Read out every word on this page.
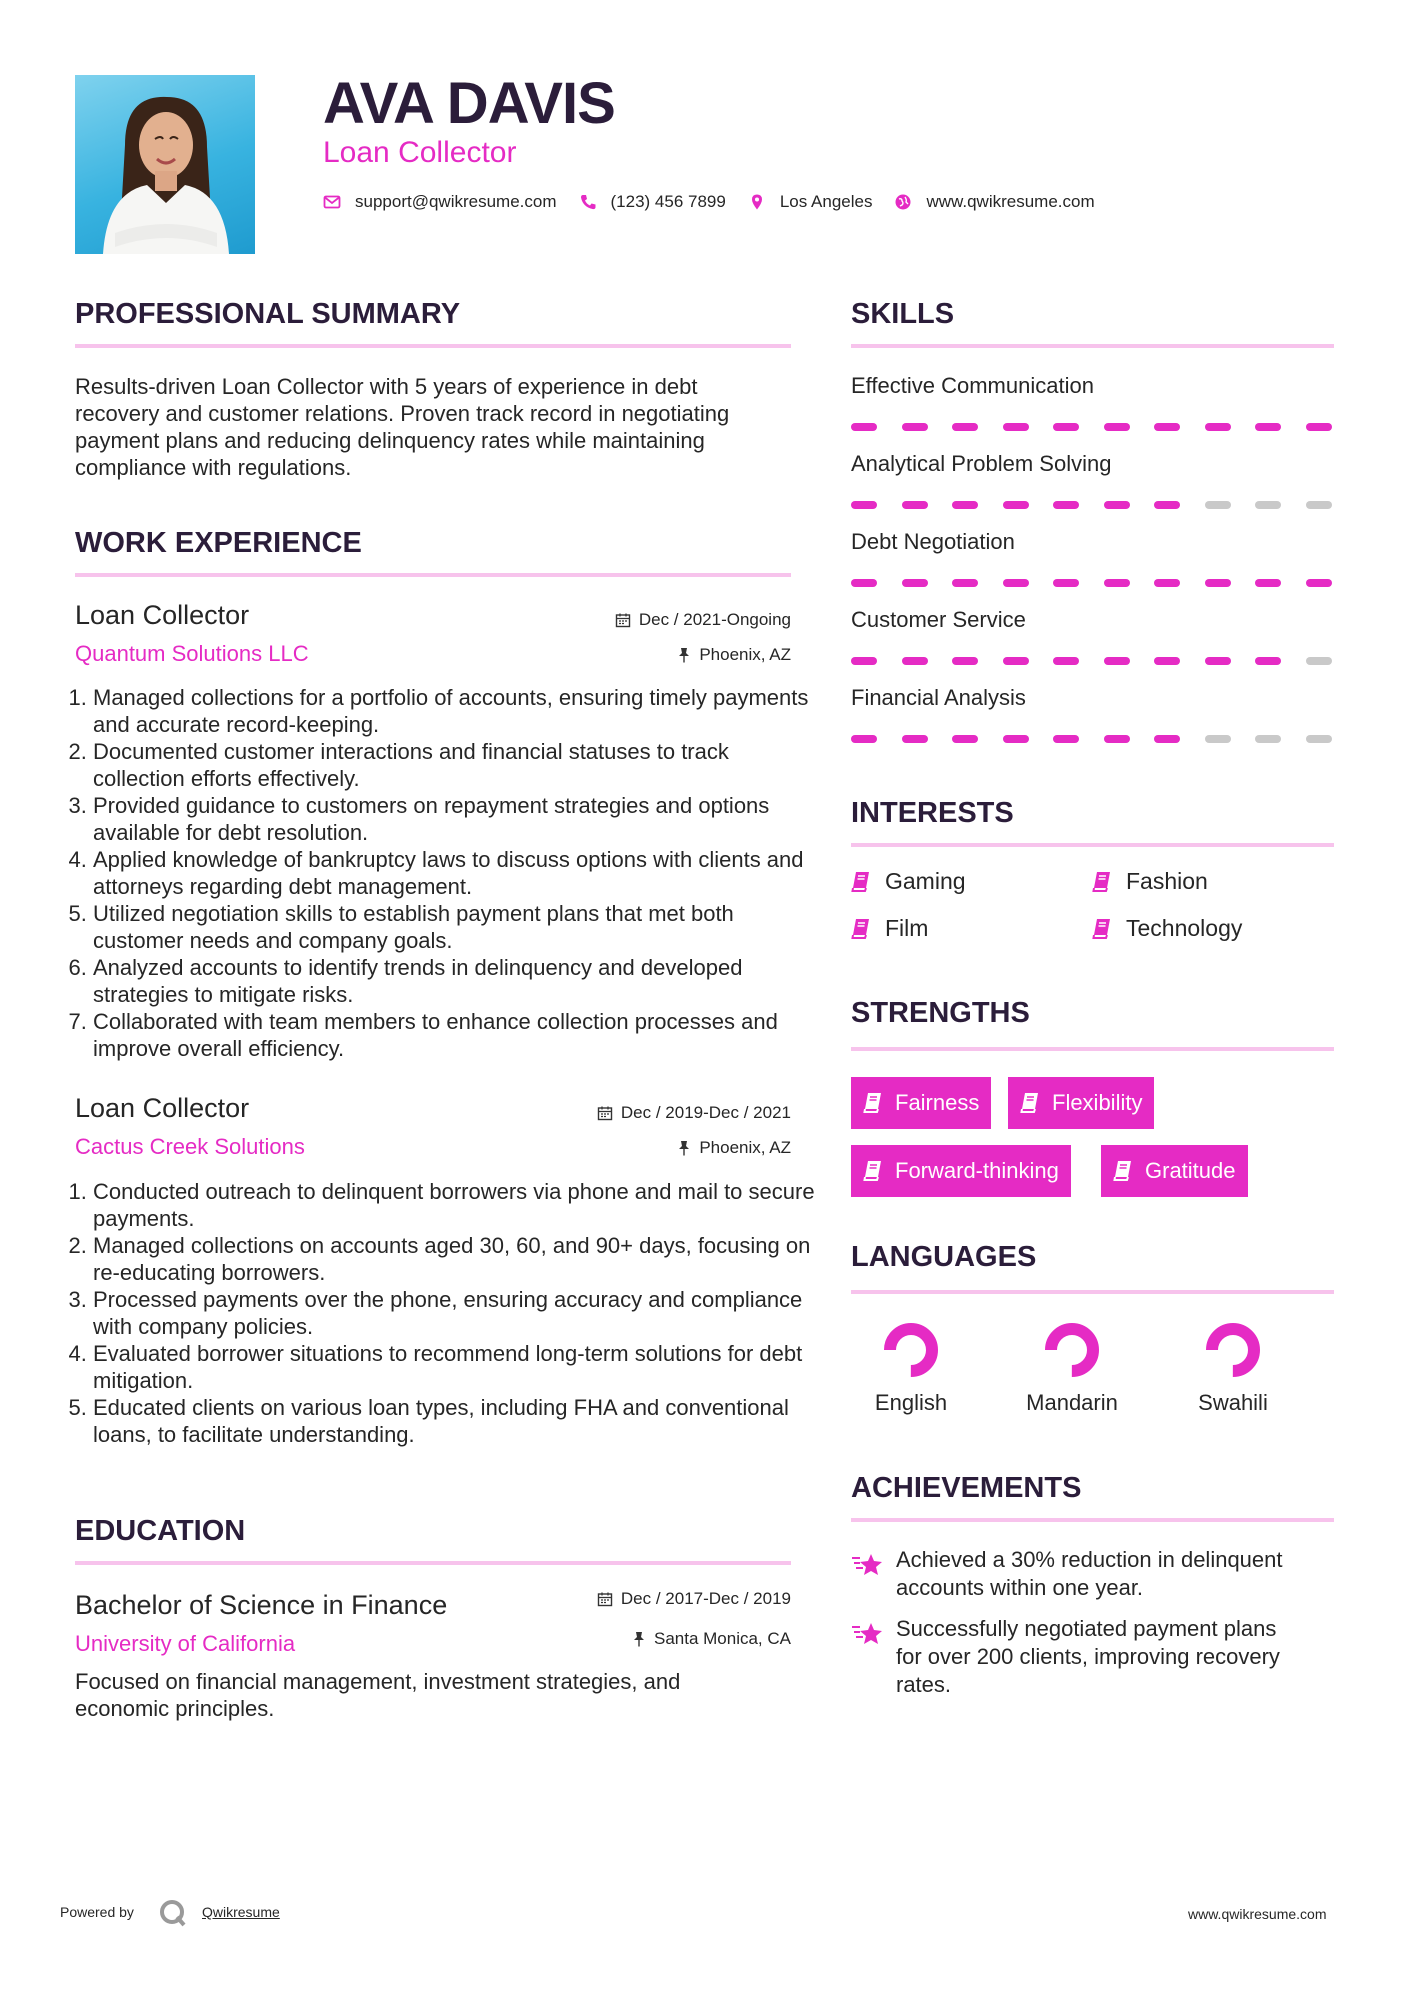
AVA DAVIS
Loan Collector
support@qwikresume.com	(123) 456 7899	Los Angeles	www.qwikresume.com
PROFESSIONAL SUMMARY
Results-driven Loan Collector with 5 years of experience in debt
recovery and customer relations. Proven track record in negotiating
payment plans and reducing delinquency rates while maintaining
compliance with regulations.
WORK EXPERIENCE
Loan Collector	Dec / 2021-Ongoing
Quantum Solutions LLC	Phoenix, AZ
1. Managed collections for a portfolio of accounts, ensuring timely payments and accurate record-keeping.
2. Documented customer interactions and financial statuses to track collection efforts effectively.
3. Provided guidance to customers on repayment strategies and options available for debt resolution.
4. Applied knowledge of bankruptcy laws to discuss options with clients and attorneys regarding debt management.
5. Utilized negotiation skills to establish payment plans that met both customer needs and company goals.
6. Analyzed accounts to identify trends in delinquency and developed strategies to mitigate risks.
7. Collaborated with team members to enhance collection processes and improve overall efficiency.
Loan Collector	Dec / 2019-Dec / 2021
Cactus Creek Solutions	Phoenix, AZ
1. Conducted outreach to delinquent borrowers via phone and mail to secure payments.
2. Managed collections on accounts aged 30, 60, and 90+ days, focusing on re-educating borrowers.
3. Processed payments over the phone, ensuring accuracy and compliance with company policies.
4. Evaluated borrower situations to recommend long-term solutions for debt mitigation.
5. Educated clients on various loan types, including FHA and conventional loans, to facilitate understanding.
EDUCATION
Bachelor of Science in Finance	Dec / 2017-Dec / 2019
University of California	Santa Monica, CA
Focused on financial management, investment strategies, and
economic principles.
SKILLS
Effective Communication
Analytical Problem Solving
Debt Negotiation
Customer Service
Financial Analysis
INTERESTS
Gaming	Fashion
Film	Technology
STRENGTHS
Fairness	Flexibility
Forward-thinking	Gratitude
LANGUAGES
English	Mandarin	Swahili
ACHIEVEMENTS
Achieved a 30% reduction in delinquent
accounts within one year.
Successfully negotiated payment plans
for over 200 clients, improving recovery
rates.
Powered by	Qwikresume	www.qwikresume.com
